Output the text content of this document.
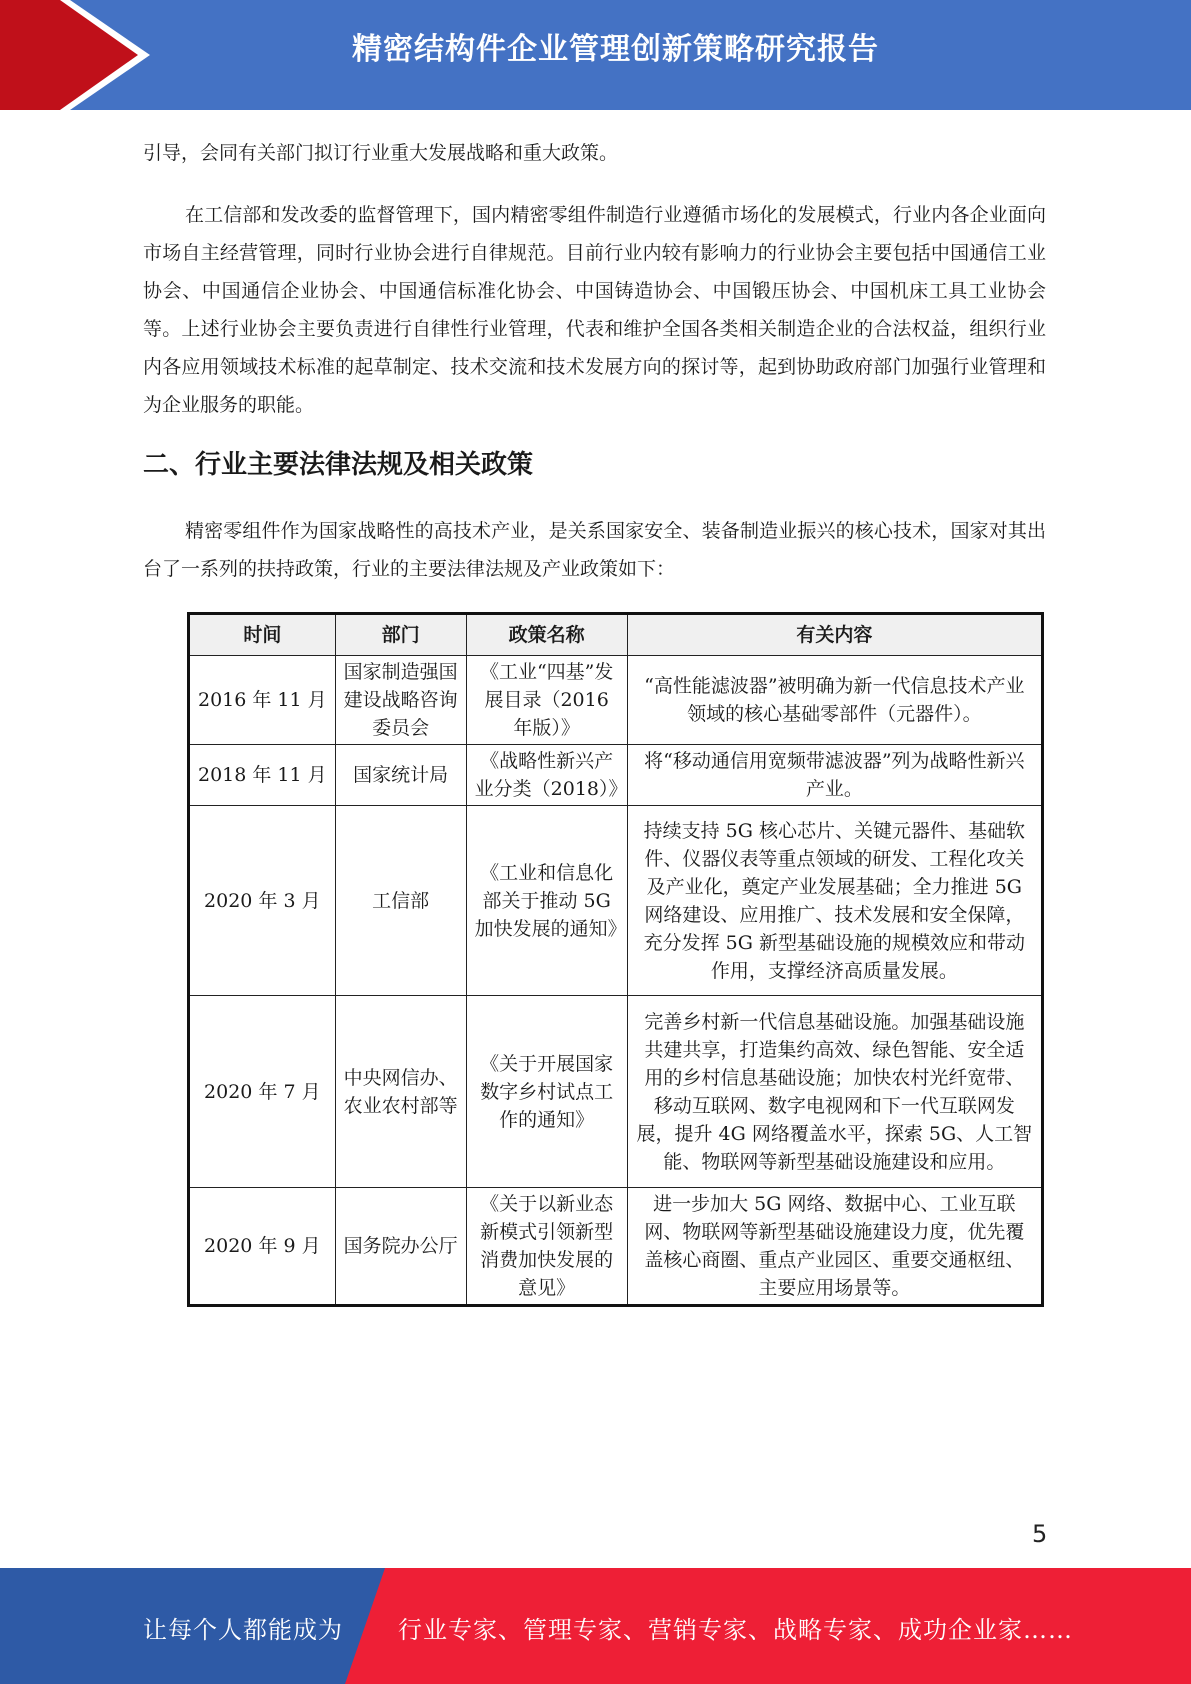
精密结构件企业管理创新策略研究报告

引导，会同有关部门拟订行业重大发展战略和重大政策。

在工信部和发改委的监督管理下，国内精密零组件制造行业遵循市场化的发展模式，行业内各企业面向市场自主经营管理，同时行业协会进行自律规范。目前行业内较有影响力的行业协会主要包括中国通信工业协会、中国通信企业协会、中国通信标准化协会、中国铸造协会、中国锻压协会、中国机床工具工业协会等。上述行业协会主要负责进行自律性行业管理，代表和维护全国各类相关制造企业的合法权益，组织行业内各应用领域技术标准的起草制定、技术交流和技术发展方向的探讨等，起到协助政府部门加强行业管理和为企业服务的职能。

二、行业主要法律法规及相关政策

精密零组件作为国家战略性的高技术产业，是关系国家安全、装备制造业振兴的核心技术，国家对其出台了一系列的扶持政策，行业的主要法律法规及产业政策如下：

时间	部门	政策名称	有关内容
2016 年 11 月	国家制造强国建设战略咨询委员会	《工业“四基”发展目录（2016 年版）》	“高性能滤波器”被明确为新一代信息技术产业领域的核心基础零部件（元器件）。
2018 年 11 月	国家统计局	《战略性新兴产业分类（2018）》	将“移动通信用宽频带滤波器”列为战略性新兴产业。
2020 年 3 月	工信部	《工业和信息化部关于推动 5G 加快发展的通知》	持续支持 5G 核心芯片、关键元器件、基础软件、仪器仪表等重点领域的研发、工程化攻关及产业化，奠定产业发展基础；全力推进 5G 网络建设、应用推广、技术发展和安全保障，充分发挥 5G 新型基础设施的规模效应和带动作用，支撑经济高质量发展。
2020 年 7 月	中央网信办、农业农村部等	《关于开展国家数字乡村试点工作的通知》	完善乡村新一代信息基础设施。加强基础设施共建共享，打造集约高效、绿色智能、安全适用的乡村信息基础设施；加快农村光纤宽带、移动互联网、数字电视网和下一代互联网发展，提升 4G 网络覆盖水平，探索 5G、人工智能、物联网等新型基础设施建设和应用。
2020 年 9 月	国务院办公厅	《关于以新业态新模式引领新型消费加快发展的意见》	进一步加大 5G 网络、数据中心、工业互联网、物联网等新型基础设施建设力度，优先覆盖核心商圈、重点产业园区、重要交通枢纽、主要应用场景等。
5
让每个人都能成为 行业专家、管理专家、营销专家、战略专家、成功企业家……
